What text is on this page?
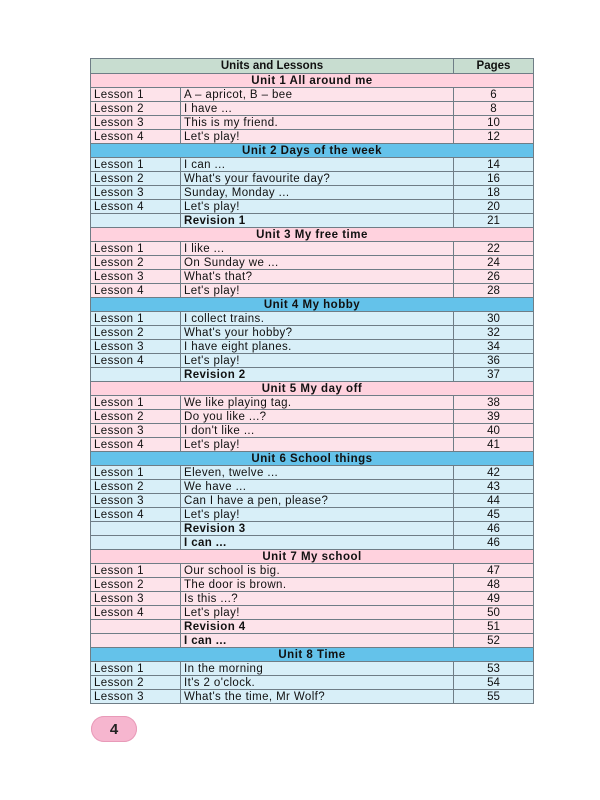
Units and Lessons		Pages
Unit 1 All around me		
Lesson 1	A – apricot, B – bee	6
Lesson 2	I have ...	8
Lesson 3	This is my friend.	10
Lesson 4	Let's play!	12
Unit 2 Days of the week		
Lesson 1	I can ...	14
Lesson 2	What's your favourite day?	16
Lesson 3	Sunday, Monday ...	18
Lesson 4	Let's play!	20
	Revision 1	21
Unit 3 My free time		
Lesson 1	I like ...	22
Lesson 2	On Sunday we ...	24
Lesson 3	What's that?	26
Lesson 4	Let's play!	28
Unit 4 My hobby		
Lesson 1	I collect trains.	30
Lesson 2	What's your hobby?	32
Lesson 3	I have eight planes.	34
Lesson 4	Let's play!	36
	Revision 2	37
Unit 5 My day off		
Lesson 1	We like playing tag.	38
Lesson 2	Do you like ...?	39
Lesson 3	I don't like ...	40
Lesson 4	Let's play!	41
Unit 6 School things		
Lesson 1	Eleven, twelve ...	42
Lesson 2	We have ...	43
Lesson 3	Can I have a pen, please?	44
Lesson 4	Let's play!	45
	Revision 3	46
	I can ...	46
Unit 7 My school		
Lesson 1	Our school is big.	47
Lesson 2	The door is brown.	48
Lesson 3	Is this ...?	49
Lesson 4	Let's play!	50
	Revision 4	51
	I can ...	52
Unit 8 Time		
Lesson 1	In the morning	53
Lesson 2	It's 2 o'clock.	54
Lesson 3	What's the time, Mr Wolf?	55
4
